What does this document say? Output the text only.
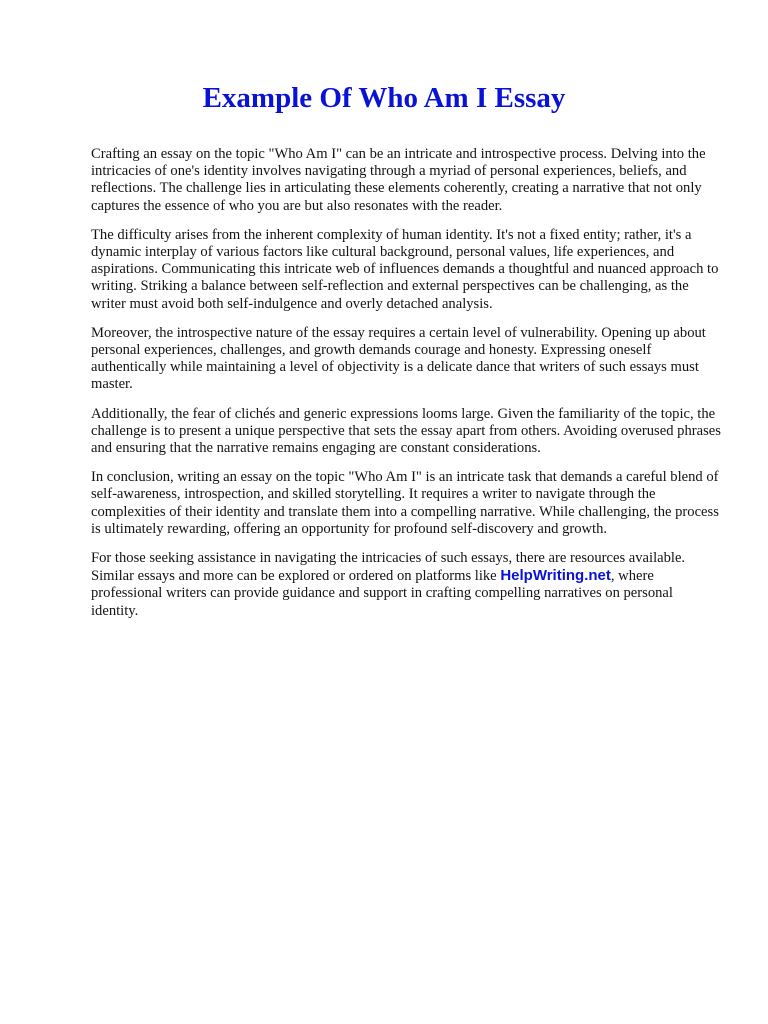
Example Of Who Am I Essay

Crafting an essay on the topic "Who Am I" can be an intricate and introspective process. Delving into the intricacies of one's identity involves navigating through a myriad of personal experiences, beliefs, and reflections. The challenge lies in articulating these elements coherently, creating a narrative that not only captures the essence of who you are but also resonates with the reader.

The difficulty arises from the inherent complexity of human identity. It's not a fixed entity; rather, it's a dynamic interplay of various factors like cultural background, personal values, life experiences, and aspirations. Communicating this intricate web of influences demands a thoughtful and nuanced approach to writing. Striking a balance between self-reflection and external perspectives can be challenging, as the writer must avoid both self-indulgence and overly detached analysis.

Moreover, the introspective nature of the essay requires a certain level of vulnerability. Opening up about personal experiences, challenges, and growth demands courage and honesty. Expressing oneself authentically while maintaining a level of objectivity is a delicate dance that writers of such essays must master.

Additionally, the fear of clichés and generic expressions looms large. Given the familiarity of the topic, the challenge is to present a unique perspective that sets the essay apart from others. Avoiding overused phrases and ensuring that the narrative remains engaging are constant considerations.

In conclusion, writing an essay on the topic "Who Am I" is an intricate task that demands a careful blend of self-awareness, introspection, and skilled storytelling. It requires a writer to navigate through the complexities of their identity and translate them into a compelling narrative. While challenging, the process is ultimately rewarding, offering an opportunity for profound self-discovery and growth.

For those seeking assistance in navigating the intricacies of such essays, there are resources available. Similar essays and more can be explored or ordered on platforms like HelpWriting.net, where professional writers can provide guidance and support in crafting compelling narratives on personal identity.
